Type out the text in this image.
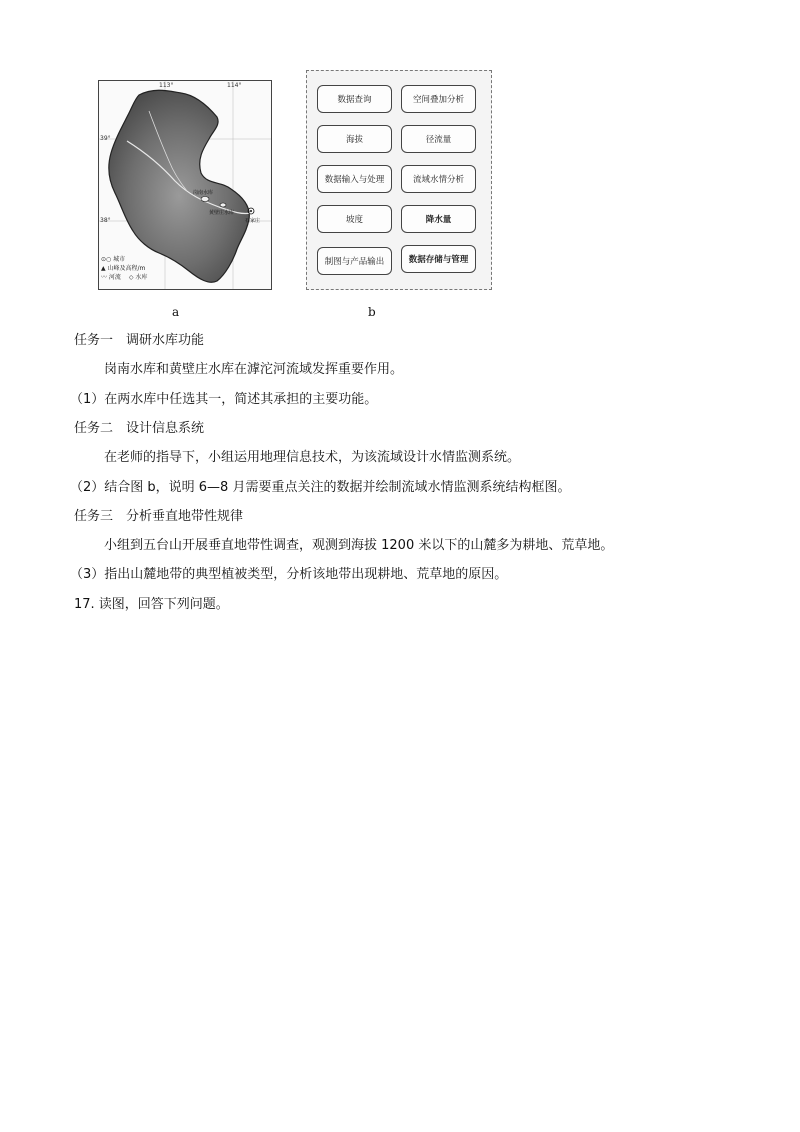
113°	114°
39°
38°
岗南水库
黄壁庄水库
石家庄
⊙○ 城市
▲ 山峰及高程/m
〰 河流 ◇ 水库
a
数据查询	空间叠加分析
海拔	径流量
数据输入与处理	流域水情分析
坡度	降水量
制图与产品输出	数据存储与管理
b
任务一　调研水库功能
岗南水库和黄壁庄水库在滹沱河流域发挥重要作用。
（1）在两水库中任选其一，简述其承担的主要功能。
任务二　设计信息系统
在老师的指导下，小组运用地理信息技术，为该流域设计水情监测系统。
（2）结合图 b，说明 6—8 月需要重点关注的数据并绘制流域水情监测系统结构框图。
任务三　分析垂直地带性规律
小组到五台山开展垂直地带性调查，观测到海拔 1200 米以下的山麓多为耕地、荒草地。
（3）指出山麓地带的典型植被类型，分析该地带出现耕地、荒草地的原因。
17. 读图，回答下列问题。
